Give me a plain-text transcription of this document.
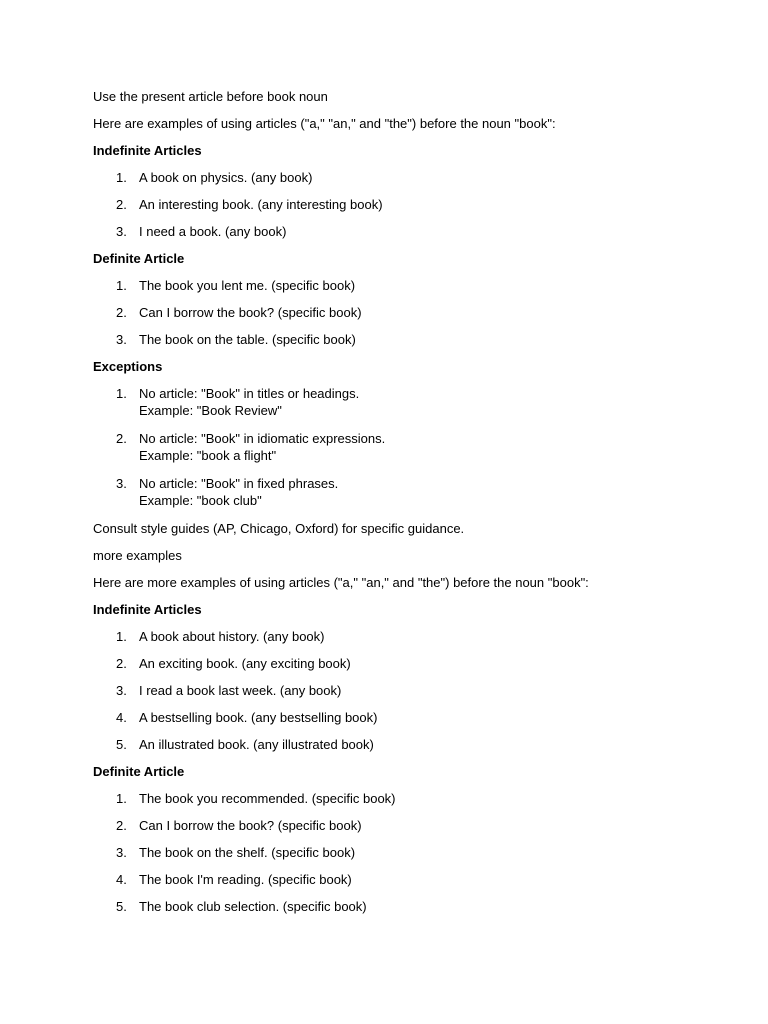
Use the present article before book noun

Here are examples of using articles ("a," "an," and "the") before the noun "book":

Indefinite Articles

1. A book on physics. (any book)
2. An interesting book. (any interesting book)
3. I need a book. (any book)

Definite Article

1. The book you lent me. (specific book)
2. Can I borrow the book? (specific book)
3. The book on the table. (specific book)

Exceptions

1. No article: "Book" in titles or headings.
Example: "Book Review"
2. No article: "Book" in idiomatic expressions.
Example: "book a flight"
3. No article: "Book" in fixed phrases.
Example: "book club"

Consult style guides (AP, Chicago, Oxford) for specific guidance.

more examples

Here are more examples of using articles ("a," "an," and "the") before the noun "book":

Indefinite Articles

1. A book about history. (any book)
2. An exciting book. (any exciting book)
3. I read a book last week. (any book)
4. A bestselling book. (any bestselling book)
5. An illustrated book. (any illustrated book)

Definite Article

1. The book you recommended. (specific book)
2. Can I borrow the book? (specific book)
3. The book on the shelf. (specific book)
4. The book I'm reading. (specific book)
5. The book club selection. (specific book)
